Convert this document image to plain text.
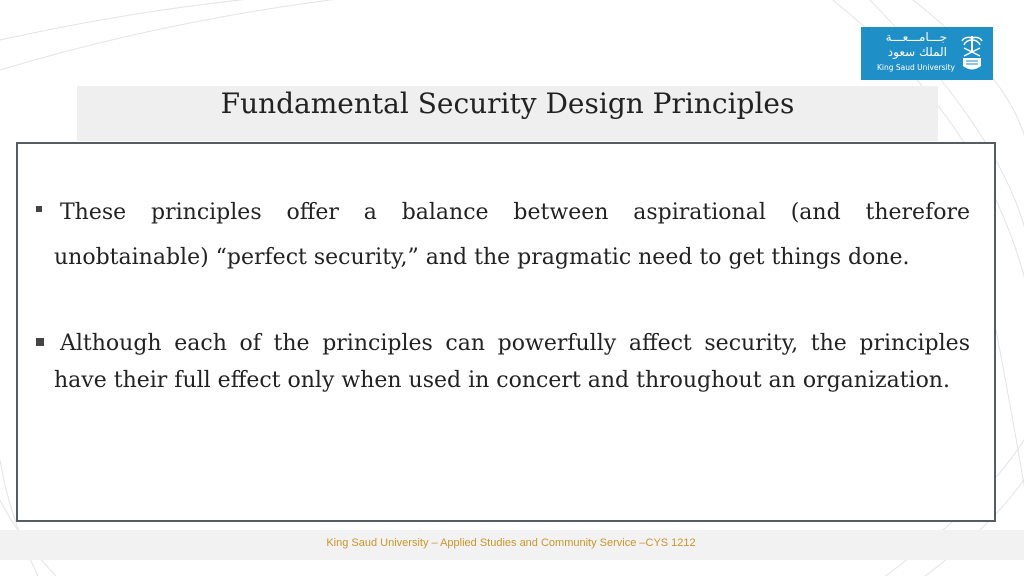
جـــامـــعـــة
الملك سعود
King Saud University
Fundamental Security Design Principles

These principles offer a balance between aspirational (and therefore unobtainable) “perfect security,” and the pragmatic need to get things done.

Although each of the principles can powerfully affect security, the principles have their full effect only when used in concert and throughout an organization.

King Saud University – Applied Studies and Community Service –CYS 1212
